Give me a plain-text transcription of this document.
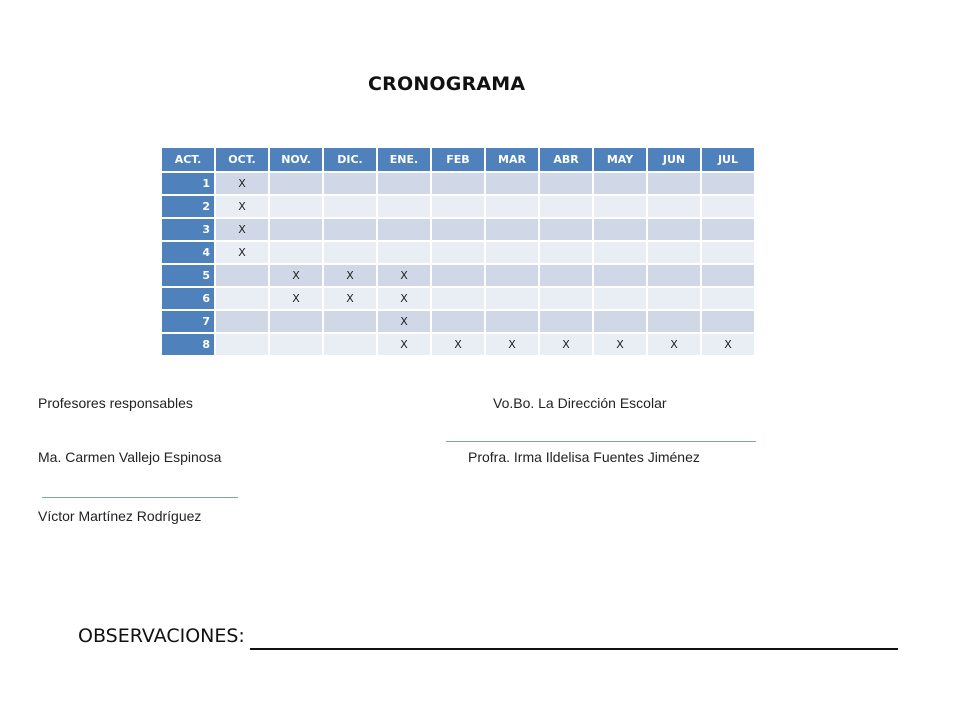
CRONOGRAMA
ACT.	OCT.	NOV.	DIC.	ENE.	FEB	MAR	ABR	MAY	JUN	JUL
1	X									
2	X									
3	X									
4	X									
5		X	X	X						
6		X	X	X						
7				X						
8				X	X	X	X	X	X	X
Profesores responsables	Vo.Bo. La Dirección Escolar
Ma. Carmen Vallejo Espinosa	Profra. Irma Ildelisa Fuentes Jiménez
Víctor Martínez Rodríguez
OBSERVACIONES:
